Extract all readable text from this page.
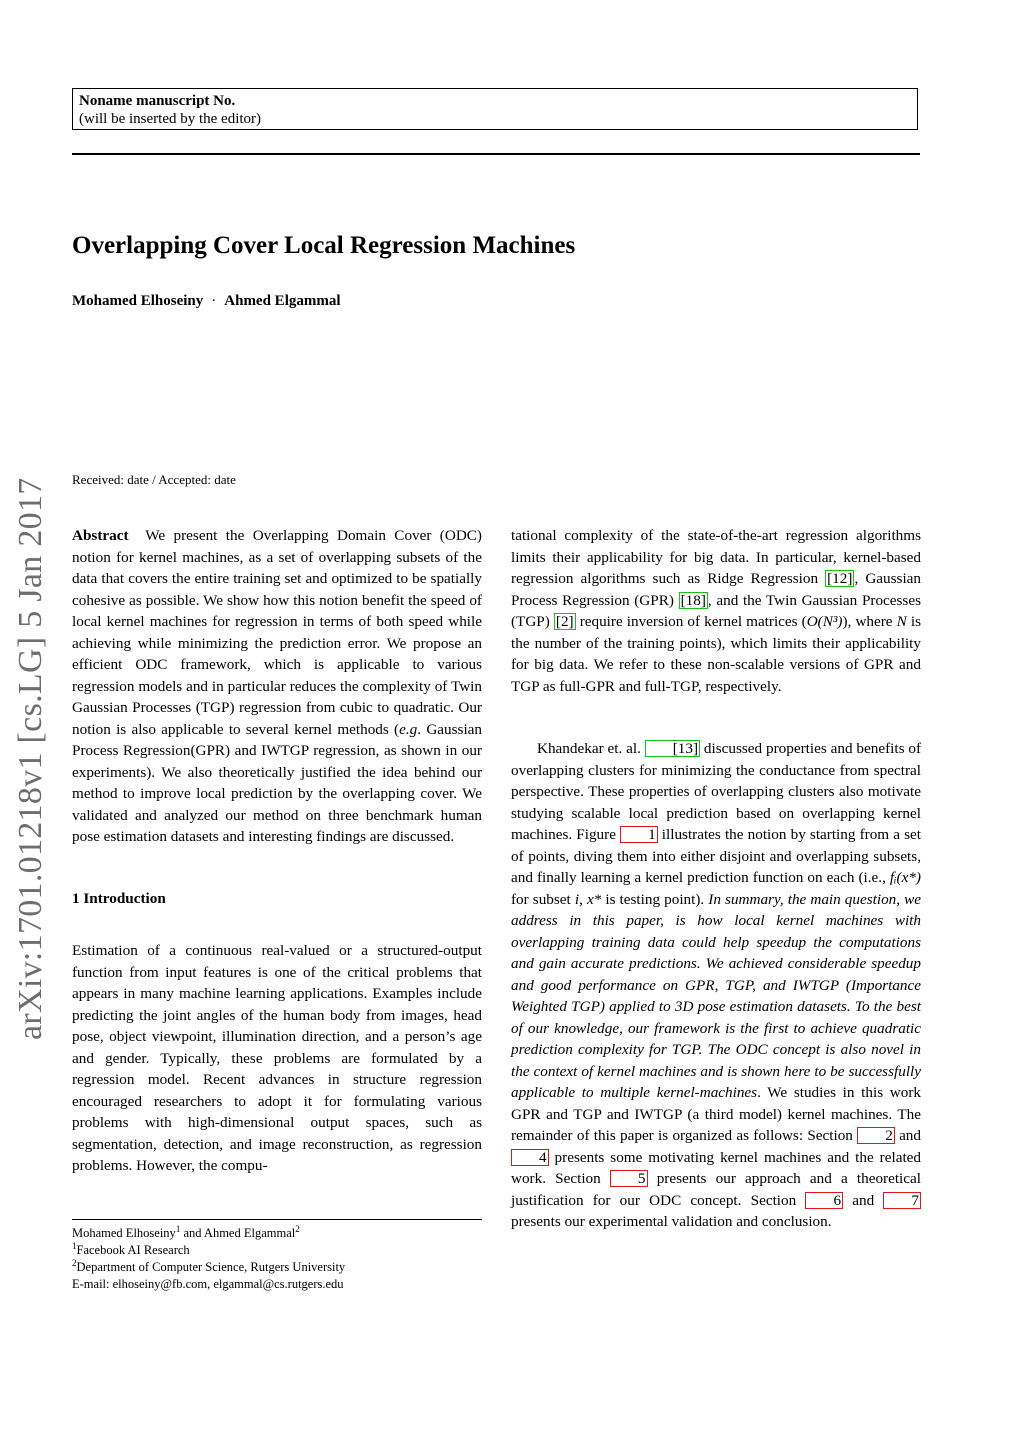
Noname manuscript No.
(will be inserted by the editor)
Overlapping Cover Local Regression Machines
Mohamed Elhoseiny · Ahmed Elgammal
Received: date / Accepted: date
arXiv:1701.01218v1 [cs.LG] 5 Jan 2017 Abstract We present the Overlapping Domain Cover (ODC) notion for kernel machines, as a set of overlapping subsets of the data that covers the entire training set and optimized to be spatially cohesive as possible. We show how this notion benefit the speed of local kernel machines for regression in terms of both speed while achieving while minimizing the prediction error. We propose an efficient ODC framework, which is applicable to various regression models and in particular reduces the complexity of Twin Gaussian Processes (TGP) regression from cubic to quadratic. Our notion is also applicable to several kernel methods (e.g. Gaussian Process Regression(GPR) and IWTGP regression, as shown in our experiments). We also theoretically justified the idea behind our method to improve local prediction by the overlapping cover. We validated and analyzed our method on three benchmark human pose estimation datasets and interesting findings are discussed.

1 Introduction

Estimation of a continuous real-valued or a structured-output function from input features is one of the critical problems that appears in many machine learning applications. Examples include predicting the joint angles of the human body from images, head pose, object viewpoint, illumination direction, and a person’s age and gender. Typically, these problems are formulated by a regression model. Recent advances in structure regression encouraged researchers to adopt it for formulating various problems with high-dimensional output spaces, such as segmentation, detection, and image reconstruction, as regression problems. However, the compu-

tational complexity of the state-of-the-art regression algorithms limits their applicability for big data. In particular, kernel-based regression algorithms such as Ridge Regression [12] , Gaussian Process Regression (GPR) [18] , and the Twin Gaussian Processes (TGP) [2] require inversion of kernel matrices (O(N³)), where N is the number of the training points), which limits their applicability for big data. We refer to these non-scalable versions of GPR and TGP as full-GPR and full-TGP, respectively.

Khandekar et. al. [13] discussed properties and benefits of overlapping clusters for minimizing the conductance from spectral perspective. These properties of overlapping clusters also motivate studying scalable local prediction based on overlapping kernel machines. Figure 1 illustrates the notion by starting from a set of points, diving them into either disjoint and overlapping subsets, and finally learning a kernel prediction function on each (i.e., fᵢ(x*) for subset i, x* is testing point). In summary, the main question, we address in this paper, is how local kernel machines with overlapping training data could help speedup the computations and gain accurate predictions. We achieved considerable speedup and good performance on GPR, TGP, and IWTGP (Importance Weighted TGP) applied to 3D pose estimation datasets. To the best of our knowledge, our framework is the first to achieve quadratic prediction complexity for TGP. The ODC concept is also novel in the context of kernel machines and is shown here to be successfully applicable to multiple kernel-machines. We studies in this work GPR and TGP and IWTGP (a third model) kernel machines. The remainder of this paper is organized as follows: Section 2 and 4 presents some motivating kernel machines and the related work. Section 5 presents our approach and a theoretical justification for our ODC concept. Section 6 and 7 presents our experimental validation and conclusion.

Mohamed Elhoseiny$^1$ and Ahmed Elgammal$^2$

$^1$Facebook AI Research

$^2$Department of Computer Science, Rutgers University

E-mail: elhoseiny@fb.com, elgammal@cs.rutgers.edu
